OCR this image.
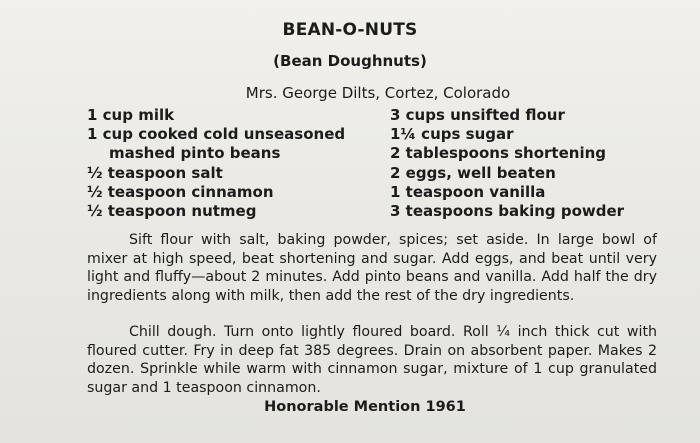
BEAN-O-NUTS
(Bean Doughnuts)
Mrs. George Dilts, Cortez, Colorado
1 cup milk
1 cup cooked cold unseasoned
mashed pinto beans
½ teaspoon salt
½ teaspoon cinnamon
½ teaspoon nutmeg
3 cups unsifted flour
1¼ cups sugar
2 tablespoons shortening
2 eggs, well beaten
1 teaspoon vanilla
3 teaspoons baking powder
Sift flour with salt, baking powder, spices; set aside. In large bowl of mixer at high speed, beat shortening and sugar. Add eggs, and beat until very light and fluffy—about 2 minutes. Add pinto beans and vanilla. Add half the dry ingredients along with milk, then add the rest of the dry ingredients.
Chill dough. Turn onto lightly floured board. Roll ¼ inch thick cut with floured cutter. Fry in deep fat 385 degrees. Drain on absorbent paper. Makes 2 dozen. Sprinkle while warm with cinnamon sugar, mixture of 1 cup granulated sugar and 1 teaspoon cinnamon.
Honorable Mention 1961
